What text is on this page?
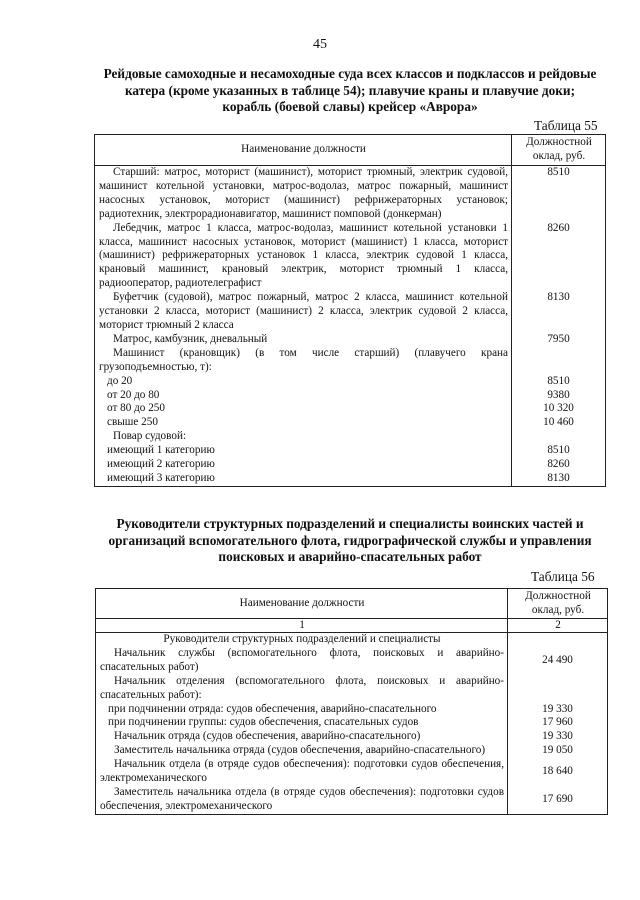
45
Рейдовые самоходные и несамоходные суда всех классов и подклассов и рейдовые катера (кроме указанных в таблице 54); плавучие краны и плавучие доки; корабль (боевой славы) крейсер «Аврора»
Таблица 55
Наименование должности	Должностной оклад, руб.
Старший: матрос, моторист (машинист), моторист трюмный, электрик судовой, машинист котельной установки, матрос-водолаз, матрос пожарный, машинист насосных установок, моторист (машинист) рефрижераторных установок; радиотехник, электрорадионавигатор, машинист помповой (донкерман)	8510
Лебедчик, матрос 1 класса, матрос-водолаз, машинист котельной установки 1 класса, машинист насосных установок, моторист (машинист) 1 класса, моторист (машинист) рефрижераторных установок 1 класса, электрик судовой 1 класса, крановый машинист, крановый электрик, моторист трюмный 1 класса, радиооператор, радиотелеграфист	8260
Буфетчик (судовой), матрос пожарный, матрос 2 класса, машинист котельной установки 2 класса, моторист (машинист) 2 класса, электрик судовой 2 класса, моторист трюмный 2 класса	8130
Матрос, камбузник, дневальный	7950
Машинист (крановщик) (в том числе старший) (плавучего крана грузоподъемностью, т):	
до 20	8510
от 20 до 80	9380
от 80 до 250	10 320
свыше 250	10 460
Повар судовой:	
имеющий 1 категорию	8510
имеющий 2 категорию	8260
имеющий 3 категорию	8130
Руководители структурных подразделений и специалисты воинских частей и организаций вспомогательного флота, гидрографической службы и управления поисковых и аварийно-спасательных работ
Таблица 56
Наименование должности	Должностной оклад, руб.
1	2
Руководители структурных подразделений и специалисты	
Начальник службы (вспомогательного флота, поисковых и аварийно-спасательных работ)	24 490
Начальник отделения (вспомогательного флота, поисковых и аварийно-спасательных работ):	
при подчинении отряда: судов обеспечения, аварийно-спасательного	19 330
при подчинении группы: судов обеспечения, спасательных судов	17 960
Начальник отряда (судов обеспечения, аварийно-спасательного)	19 330
Заместитель начальника отряда (судов обеспечения, аварийно-спасательного)	19 050
Начальник отдела (в отряде судов обеспечения): подготовки судов обеспечения, электромеханического	18 640
Заместитель начальника отдела (в отряде судов обеспечения): подготовки судов обеспечения, электромеханического	17 690
